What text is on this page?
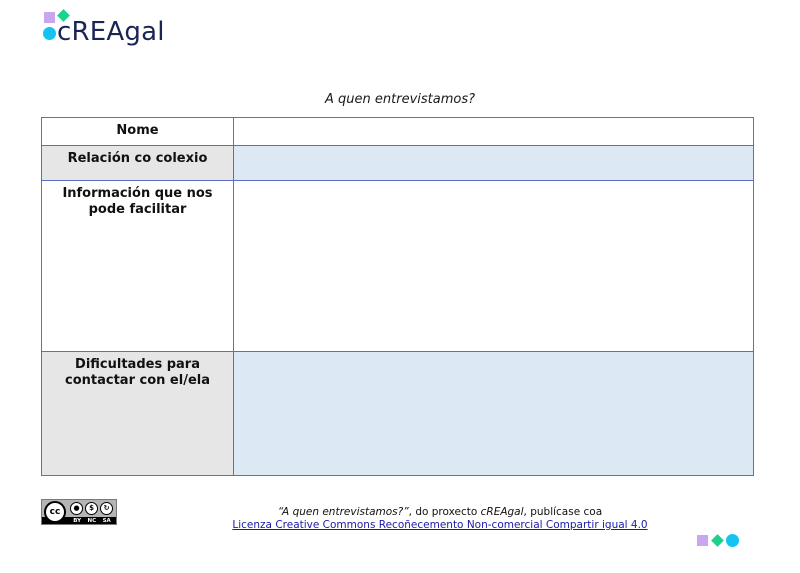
cREAgal
A quen entrevistamos?
Nome	
Relación co colexio	
Información que nos pode facilitar	
Dificultades para contactar con el/ela	
cc	●	$	↻
BY NC SA
“A quen entrevistamos?”, do proxecto cREAgal, publícase coa
Licenza Creative Commons Recoñecemento Non-comercial Compartir igual 4.0
